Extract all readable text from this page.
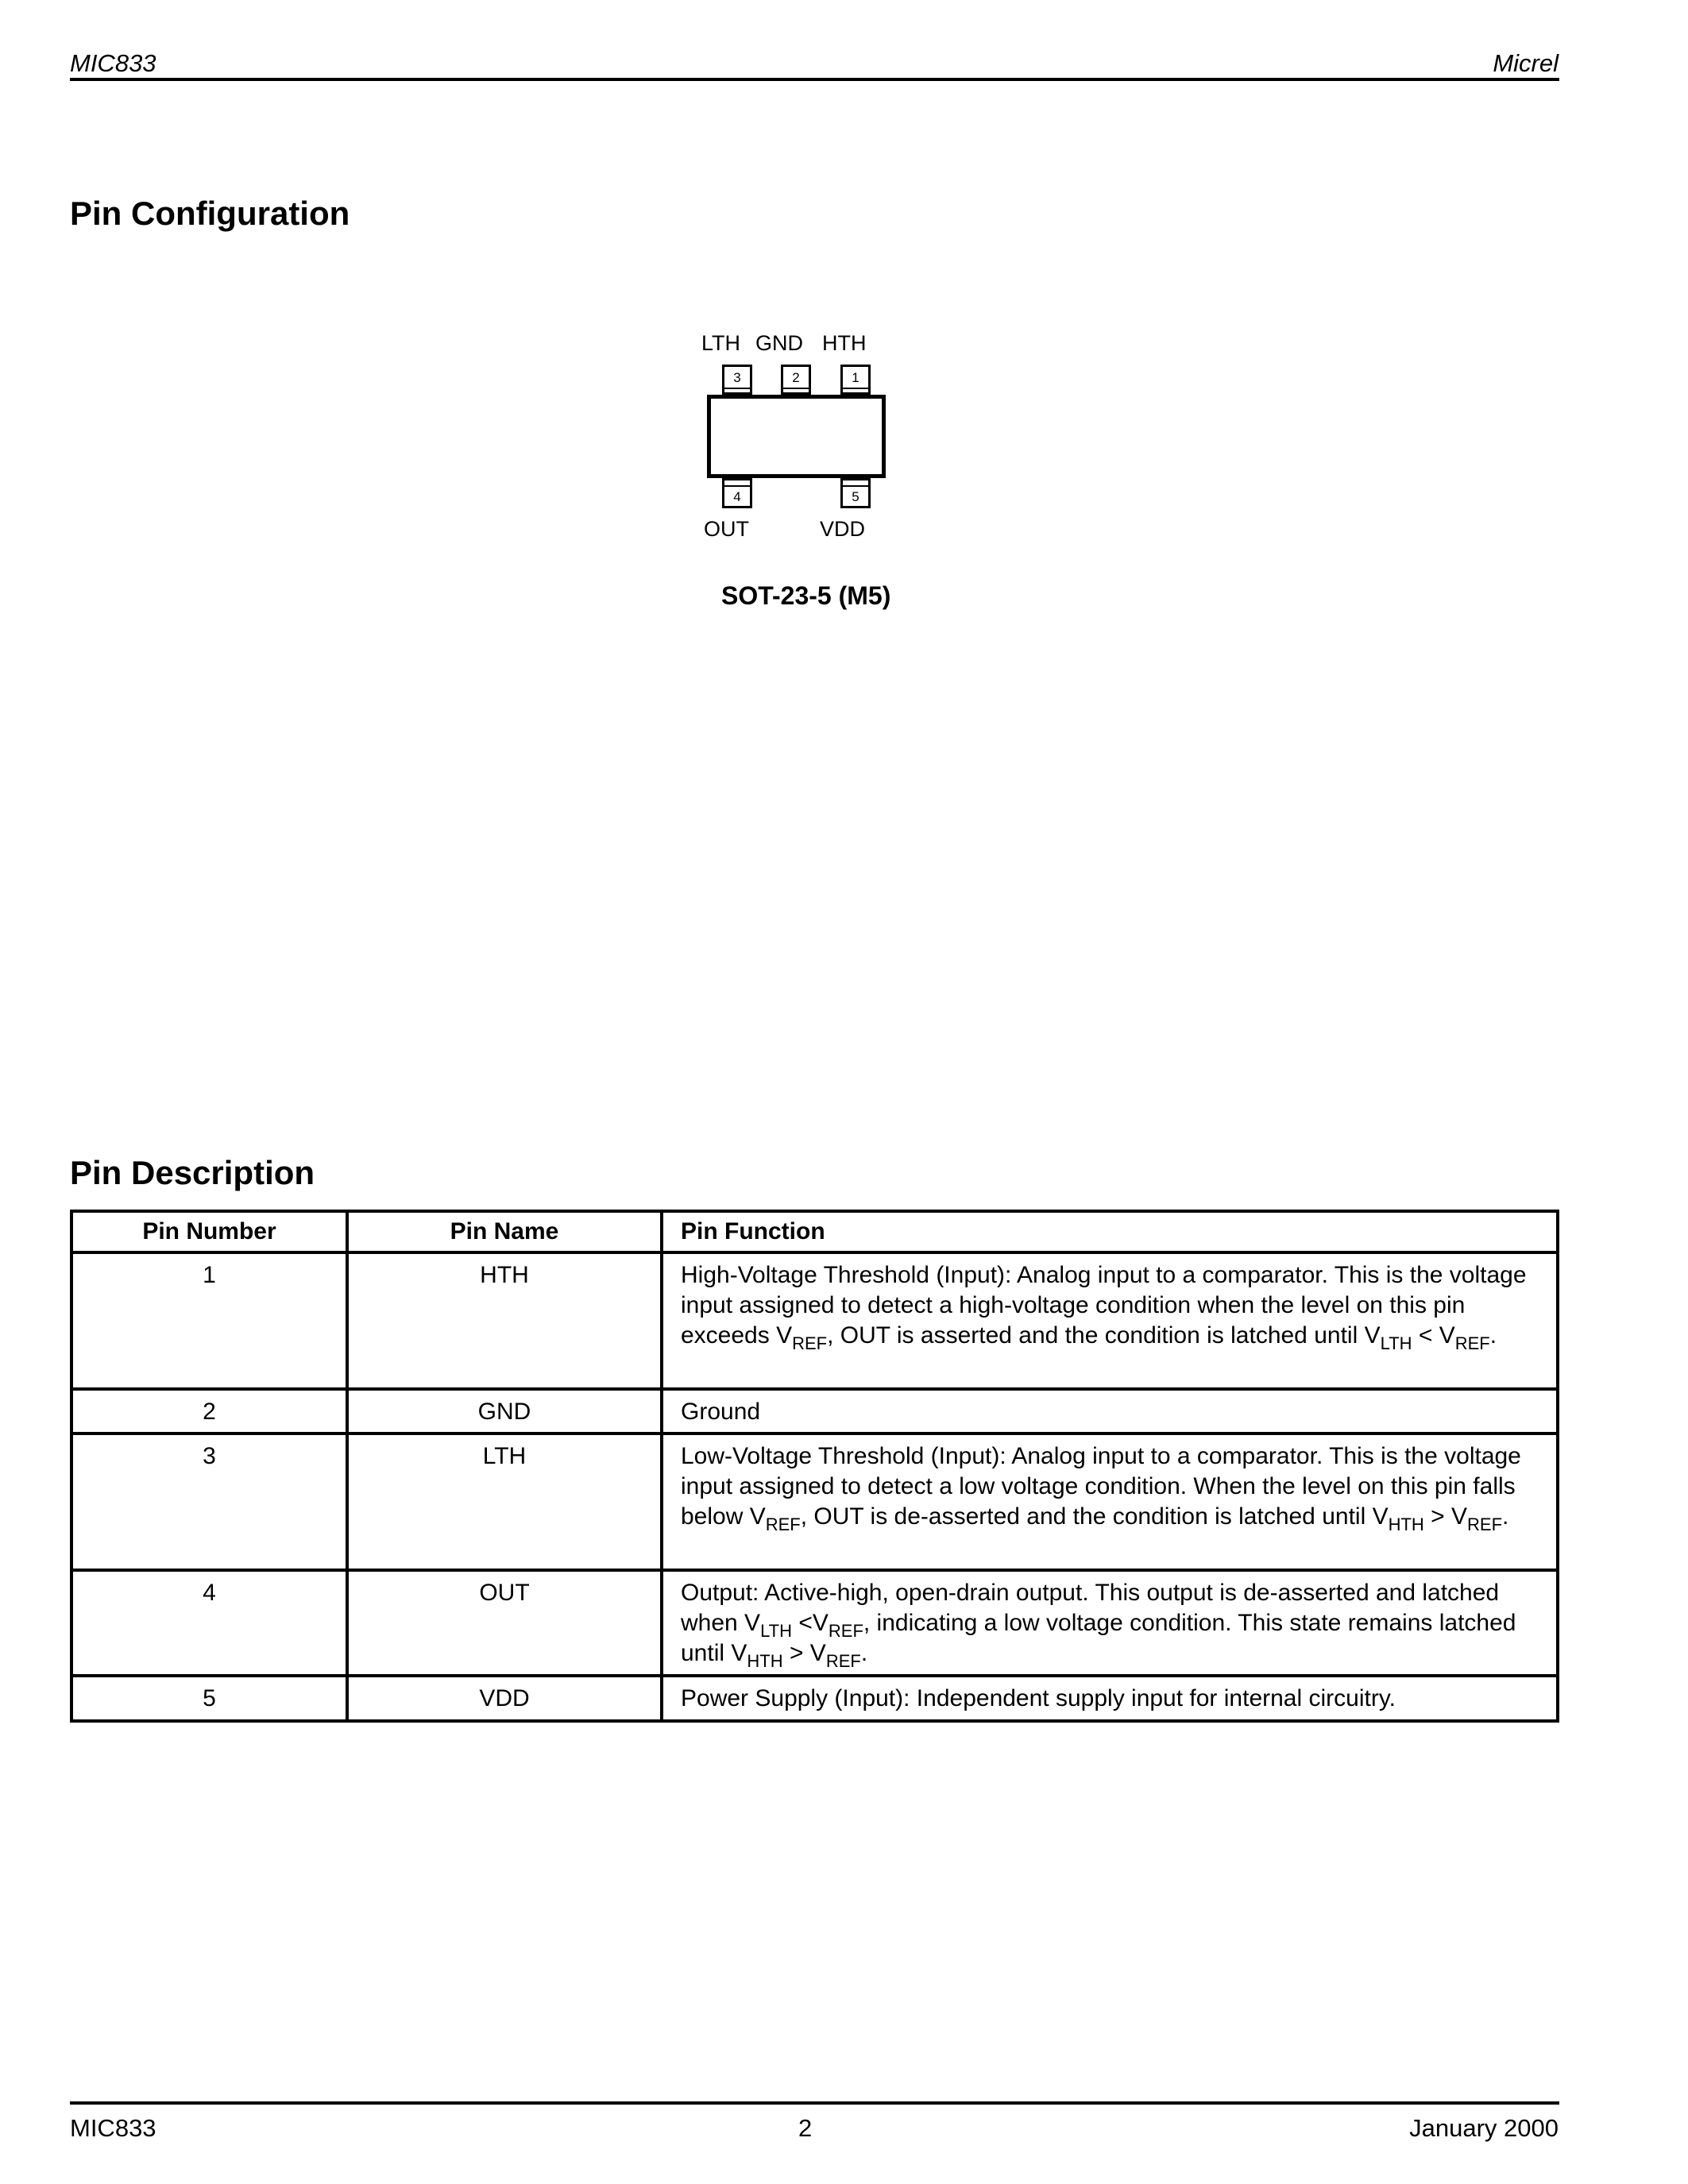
MIC833	Micrel
Pin Configuration
LTH GND HTH
3	2	1
4	5
OUT	VDD
SOT-23-5 (M5)
Pin Description
Pin Number	Pin Name	Pin Function
1	HTH	High-Voltage Threshold (Input): Analog input to a comparator. This is the voltage input assigned to detect a high-voltage condition when the level on this pin exceeds $V_{REF}$, OUT is asserted and the condition is latched until $V_{LTH} < V_{REF}$.
2	GND	Ground
3	LTH	Low-Voltage Threshold (Input): Analog input to a comparator. This is the voltage input assigned to detect a low voltage condition. When the level on this pin falls below $V_{REF}$, OUT is de-asserted and the condition is latched until $V_{HTH} > V_{REF}$.
4	OUT	Output: Active-high, open-drain output. This output is de-asserted and latched when $V_{LTH} <V_{REF}$, indicating a low voltage condition. This state remains latched until $V_{HTH} > V_{REF}$.
5	VDD	Power Supply (Input): Independent supply input for internal circuitry.
MIC833	2	January 2000
